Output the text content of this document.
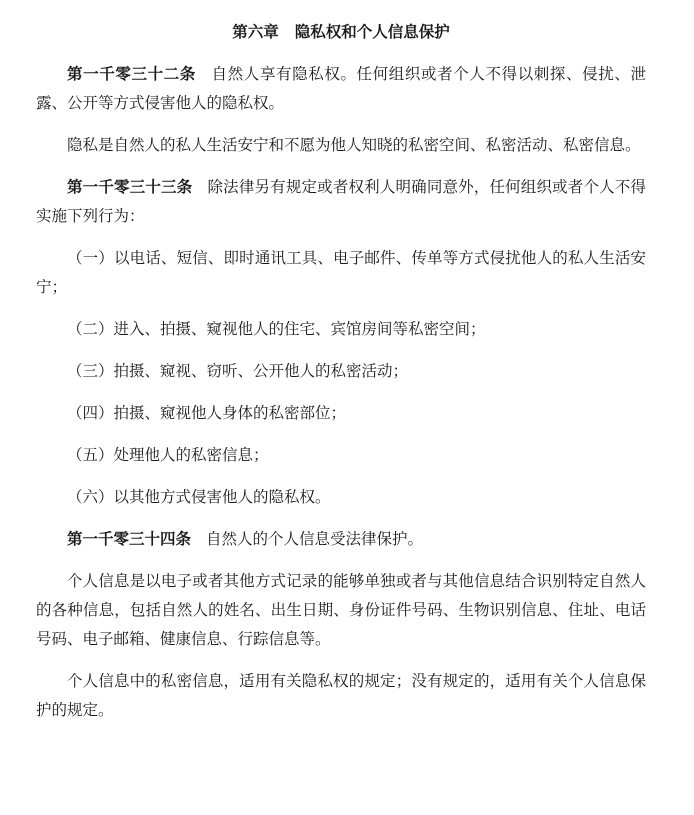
第六章 隐私权和个人信息保护

第一千零三十二条 自然人享有隐私权。任何组织或者个人不得以刺探、侵扰、泄露、公开等方式侵害他人的隐私权。

隐私是自然人的私人生活安宁和不愿为他人知晓的私密空间、私密活动、私密信息。

第一千零三十三条 除法律另有规定或者权利人明确同意外，任何组织或者个人不得实施下列行为：

（一）以电话、短信、即时通讯工具、电子邮件、传单等方式侵扰他人的私人生活安宁；

（二）进入、拍摄、窥视他人的住宅、宾馆房间等私密空间；

（三）拍摄、窥视、窃听、公开他人的私密活动；

（四）拍摄、窥视他人身体的私密部位；

（五）处理他人的私密信息；

（六）以其他方式侵害他人的隐私权。

第一千零三十四条 自然人的个人信息受法律保护。

个人信息是以电子或者其他方式记录的能够单独或者与其他信息结合识别特定自然人的各种信息，包括自然人的姓名、出生日期、身份证件号码、生物识别信息、住址、电话号码、电子邮箱、健康信息、行踪信息等。

个人信息中的私密信息，适用有关隐私权的规定；没有规定的，适用有关个人信息保护的规定。
